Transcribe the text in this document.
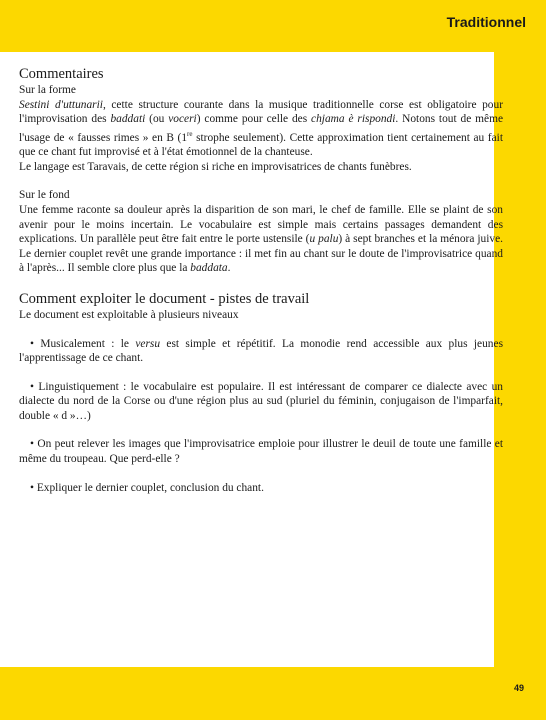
Traditionnel
Commentaires
Sur la forme

Sestini d'uttunarii, cette structure courante dans la musique traditionnelle corse est obligatoire pour l'improvisation des baddati (ou voceri) comme pour celle des chjama è rispondi. Notons tout de même l'usage de « fausses rimes » en B (1re strophe seulement). Cette approximation tient certainement au fait que ce chant fut improvisé et à l'état émotionnel de la chanteuse.

Le langage est Taravais, de cette région si riche en improvisatrices de chants funèbres.

Sur le fond

Une femme raconte sa douleur après la disparition de son mari, le chef de famille. Elle se plaint de son avenir pour le moins incertain. Le vocabulaire est simple mais certains passages demandent des explications. Un parallèle peut être fait entre le porte ustensile (u palu) à sept branches et la ménora juive. Le dernier couplet revêt une grande importance : il met fin au chant sur le doute de l'improvisatrice quand à l'après... Il semble clore plus que la baddata.

Comment exploiter le document - pistes de travail

Le document est exploitable à plusieurs niveaux

• Musicalement : le versu est simple et répétitif. La monodie rend accessible aux plus jeunes l'apprentissage de ce chant.

• Linguistiquement : le vocabulaire est populaire. Il est intéressant de comparer ce dialecte avec un dialecte du nord de la Corse ou d'une région plus au sud (pluriel du féminin, conjugaison de l'imparfait, double « d »…)

• On peut relever les images que l'improvisatrice emploie pour illustrer le deuil de toute une famille et même du troupeau. Que perd-elle ?

• Expliquer le dernier couplet, conclusion du chant.

49
